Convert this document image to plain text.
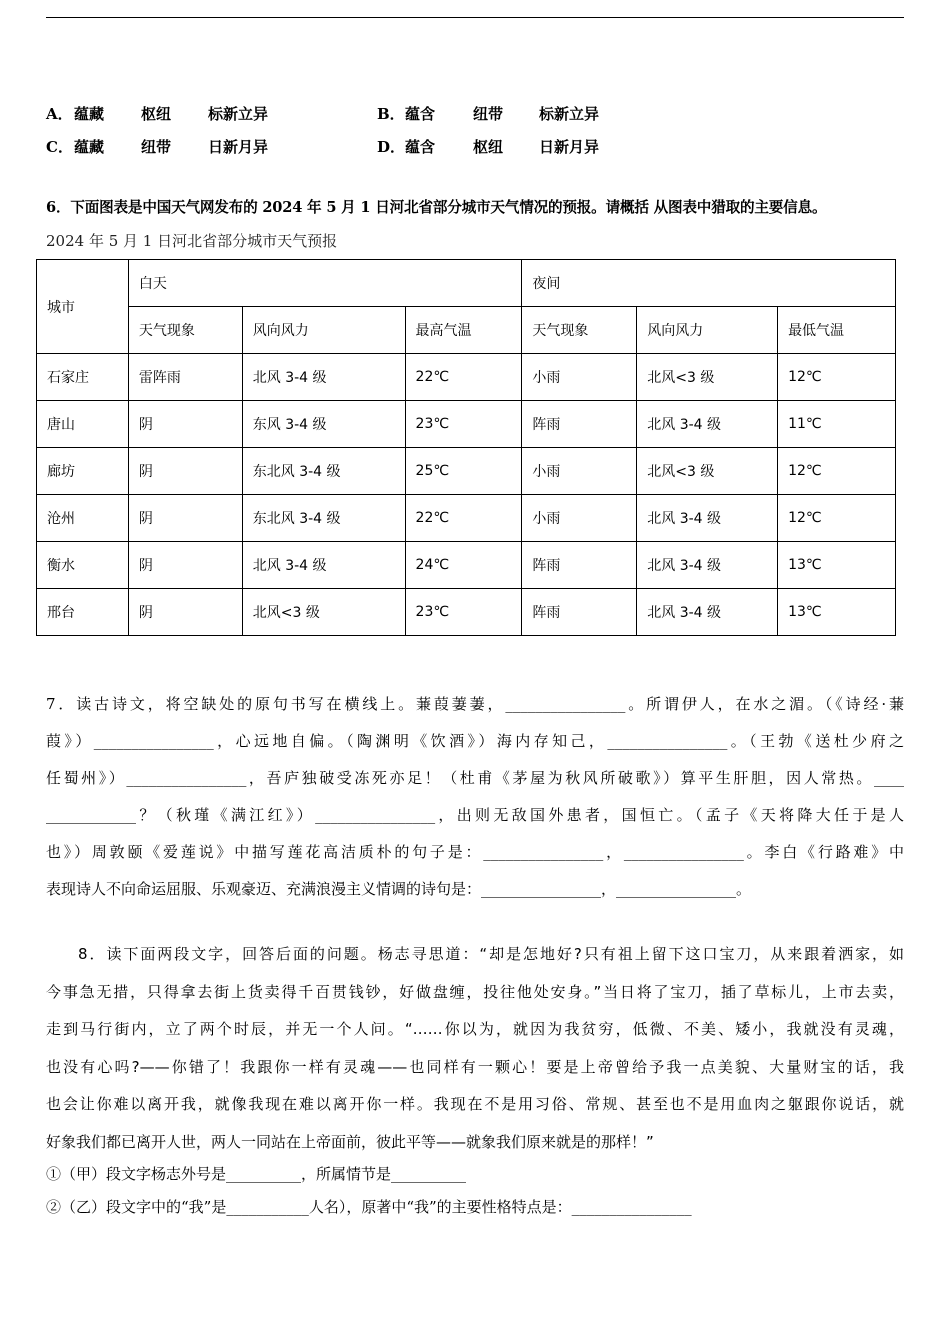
A．蕴藏 枢纽 标新立异	B．蕴含	纽带 标新立异
C．蕴藏 纽带 日新月异	D．蕴含	枢纽 日新月异
6．下面图表是中国天气网发布的 2024 年 5 月 1 日河北省部分城市天气情况的预报。请概括 从图表中猎取的主要信息。
2024 年 5 月 1 日河北省部分城市天气预报
城市	白天			夜间		
	天气现象	风向风力	最高气温	天气现象	风向风力	最低气温
石家庄	雷阵雨	北风 3-4 级	22℃	小雨	北风<3 级	12℃
唐山	阴	东风 3-4 级	23℃	阵雨	北风 3-4 级	11℃
廊坊	阴	东北风 3-4 级	25℃	小雨	北风<3 级	12℃
沧州	阴	东北风 3-4 级	22℃	小雨	北风 3-4 级	12℃
衡水	阴	北风 3-4 级	24℃	阵雨	北风 3-4 级	13℃
邢台	阴	北风<3 级	23℃	阵雨	北风 3-4 级	13℃
7．读古诗文，将空缺处的原句书写在横线上。蒹葭萋萋，________________。所谓伊人，在水之湄。（《诗经·蒹
葭》）________________，心远地自偏。（陶渊明《饮酒》）海内存知己，________________。（王勃《送杜少府之
任蜀州》）________________，吾庐独破受冻死亦足！（杜甫《茅屋为秋风所破歌》）算平生肝胆，因人常热。____
____________？（秋瑾《满江红》）________________，出则无敌国外患者，国恒亡。（孟子《天将降大任于是人
也》）周敦颐《爱莲说》中描写莲花高洁质朴的句子是：________________，________________。李白《行路难》中
表现诗人不向命运屈服、乐观豪迈、充满浪漫主义情调的诗句是：________________，________________。
8．读下面两段文字，回答后面的问题。杨志寻思道：“却是怎地好?只有祖上留下这口宝刀，从来跟着洒家，如
今事急无措，只得拿去街上货卖得千百贯钱钞，好做盘缠，投往他处安身。”当日将了宝刀，插了草标儿，上市去卖，
走到马行街内，立了两个时辰，并无一个人问。“……你以为，就因为我贫穷，低微、不美、矮小，我就没有灵魂，
也没有心吗?——你错了！我跟你一样有灵魂——也同样有一颗心！要是上帝曾给予我一点美貌、大量财宝的话，我
也会让你难以离开我，就像我现在难以离开你一样。我现在不是用习俗、常规、甚至也不是用血肉之躯跟你说话，就
好象我们都已离开人世，两人一同站在上帝面前，彼此平等——就象我们原来就是的那样！”
①（甲）段文字杨志外号是__________，所属情节是__________
②（乙）段文字中的“我”是___________人名），原著中“我”的主要性格特点是：________________
